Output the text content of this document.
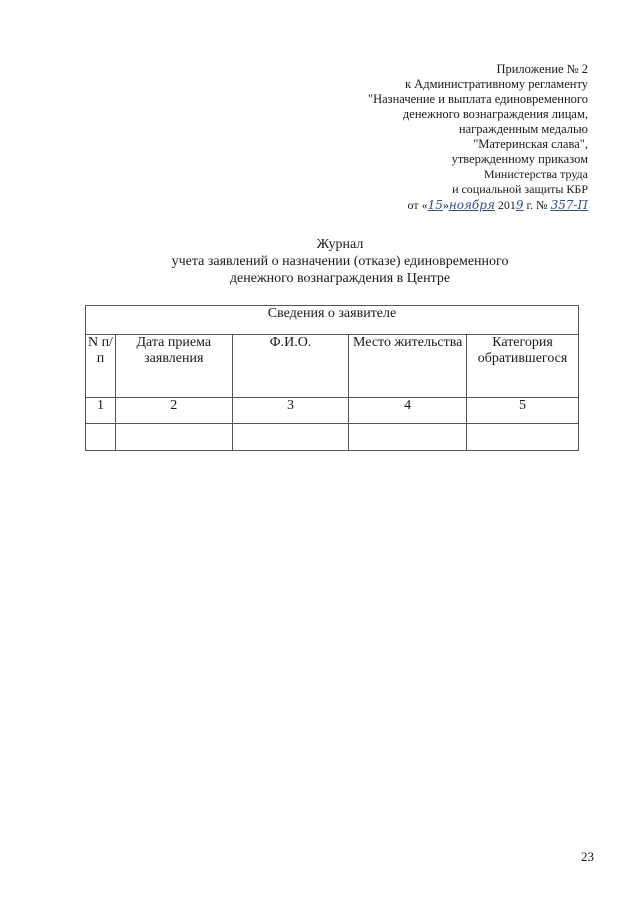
Приложение № 2
к Административному регламенту
"Назначение и выплата единовременного
денежного вознаграждения лицам,
награжденным медалью
"Материнская слава",
утвержденному приказом
Министерства труда
и социальной защиты КБР
от «15»ноября 2019 г. № 357-П
Журнал
учета заявлений о назначении (отказе) единовременного
денежного вознаграждения в Центре
Сведения о заявителе				
N п/п	Дата приема заявления	Ф.И.О.	Место жительства	Категория обратившегося
1	2	3	4	5

23
